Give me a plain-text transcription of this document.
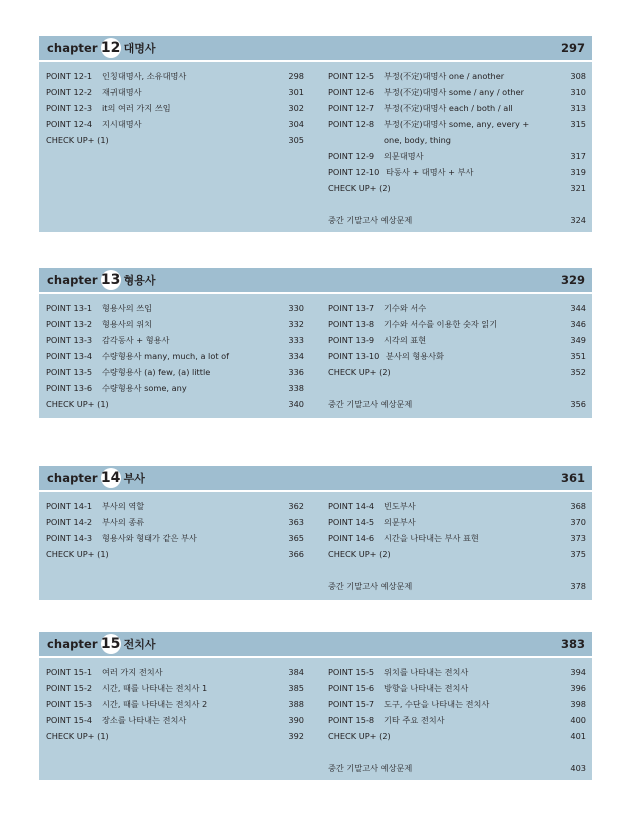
chapter 12 대명사	297
POINT 12-1 인칭대명사, 소유대명사	298
POINT 12-2 재귀대명사	301
POINT 12-3 it의 여러 가지 쓰임	302
POINT 12-4 지시대명사	304
CHECK UP+ (1)	305
POINT 12-5 부정(不定)대명사 one / another	308
POINT 12-6 부정(不定)대명사 some / any / other	310
POINT 12-7 부정(不定)대명사 each / both / all	313
POINT 12-8 부정(不定)대명사 some, any, every +	315
one, body, thing
POINT 12-9 의문대명사	317
POINT 12-10 타동사 + 대명사 + 부사	319
CHECK UP+ (2)	321
중간 기말고사 예상문제	324
chapter 13 형용사	329
POINT 13-1 형용사의 쓰임	330
POINT 13-2 형용사의 위치	332
POINT 13-3 감각동사 + 형용사	333
POINT 13-4 수량형용사 many, much, a lot of	334
POINT 13-5 수량형용사 (a) few, (a) little	336
POINT 13-6 수량형용사 some, any	338
CHECK UP+ (1)	340
POINT 13-7 기수와 서수	344
POINT 13-8 기수와 서수를 이용한 숫자 읽기	346
POINT 13-9 시각의 표현	349
POINT 13-10 분사의 형용사화	351
CHECK UP+ (2)	352
중간 기말고사 예상문제	356
chapter 14 부사	361
POINT 14-1 부사의 역할	362
POINT 14-2 부사의 종류	363
POINT 14-3 형용사와 형태가 같은 부사	365
CHECK UP+ (1)	366
POINT 14-4 빈도부사	368
POINT 14-5 의문부사	370
POINT 14-6 시간을 나타내는 부사 표현	373
CHECK UP+ (2)	375
중간 기말고사 예상문제	378
chapter 15 전치사	383
POINT 15-1 여러 가지 전치사	384
POINT 15-2 시간, 때를 나타내는 전치사 1	385
POINT 15-3 시간, 때를 나타내는 전치사 2	388
POINT 15-4 장소를 나타내는 전치사	390
CHECK UP+ (1)	392
POINT 15-5 위치를 나타내는 전치사	394
POINT 15-6 방향을 나타내는 전치사	396
POINT 15-7 도구, 수단을 나타내는 전치사	398
POINT 15-8 기타 주요 전치사	400
CHECK UP+ (2)	401
중간 기말고사 예상문제	403
